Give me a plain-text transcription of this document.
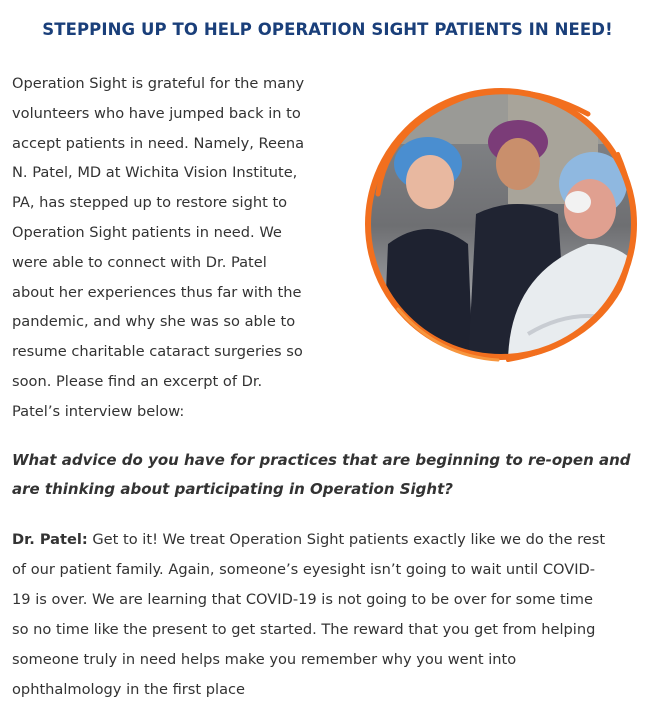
STEPPING UP TO HELP OPERATION SIGHT PATIENTS IN NEED!
Operation Sight is grateful for the many
volunteers who have jumped back in to
accept patients in need. Namely, Reena
N. Patel, MD at Wichita Vision Institute,
PA, has stepped up to restore sight to
Operation Sight patients in need. We
were able to connect with Dr. Patel
about her experiences thus far with the
pandemic, and why she was so able to
resume charitable cataract surgeries so
soon. Please find an excerpt of Dr.
Patel’s interview below:
What advice do you have for practices that are beginning to re-open and
are thinking about participating in Operation Sight?
Dr. Patel: Get to it! We treat Operation Sight patients exactly like we do the rest
of our patient family. Again, someone’s eyesight isn’t going to wait until COVID-
19 is over. We are learning that COVID-19 is not going to be over for some time
so no time like the present to get started. The reward that you get from helping
someone truly in need helps make you remember why you went into
ophthalmology in the first place
